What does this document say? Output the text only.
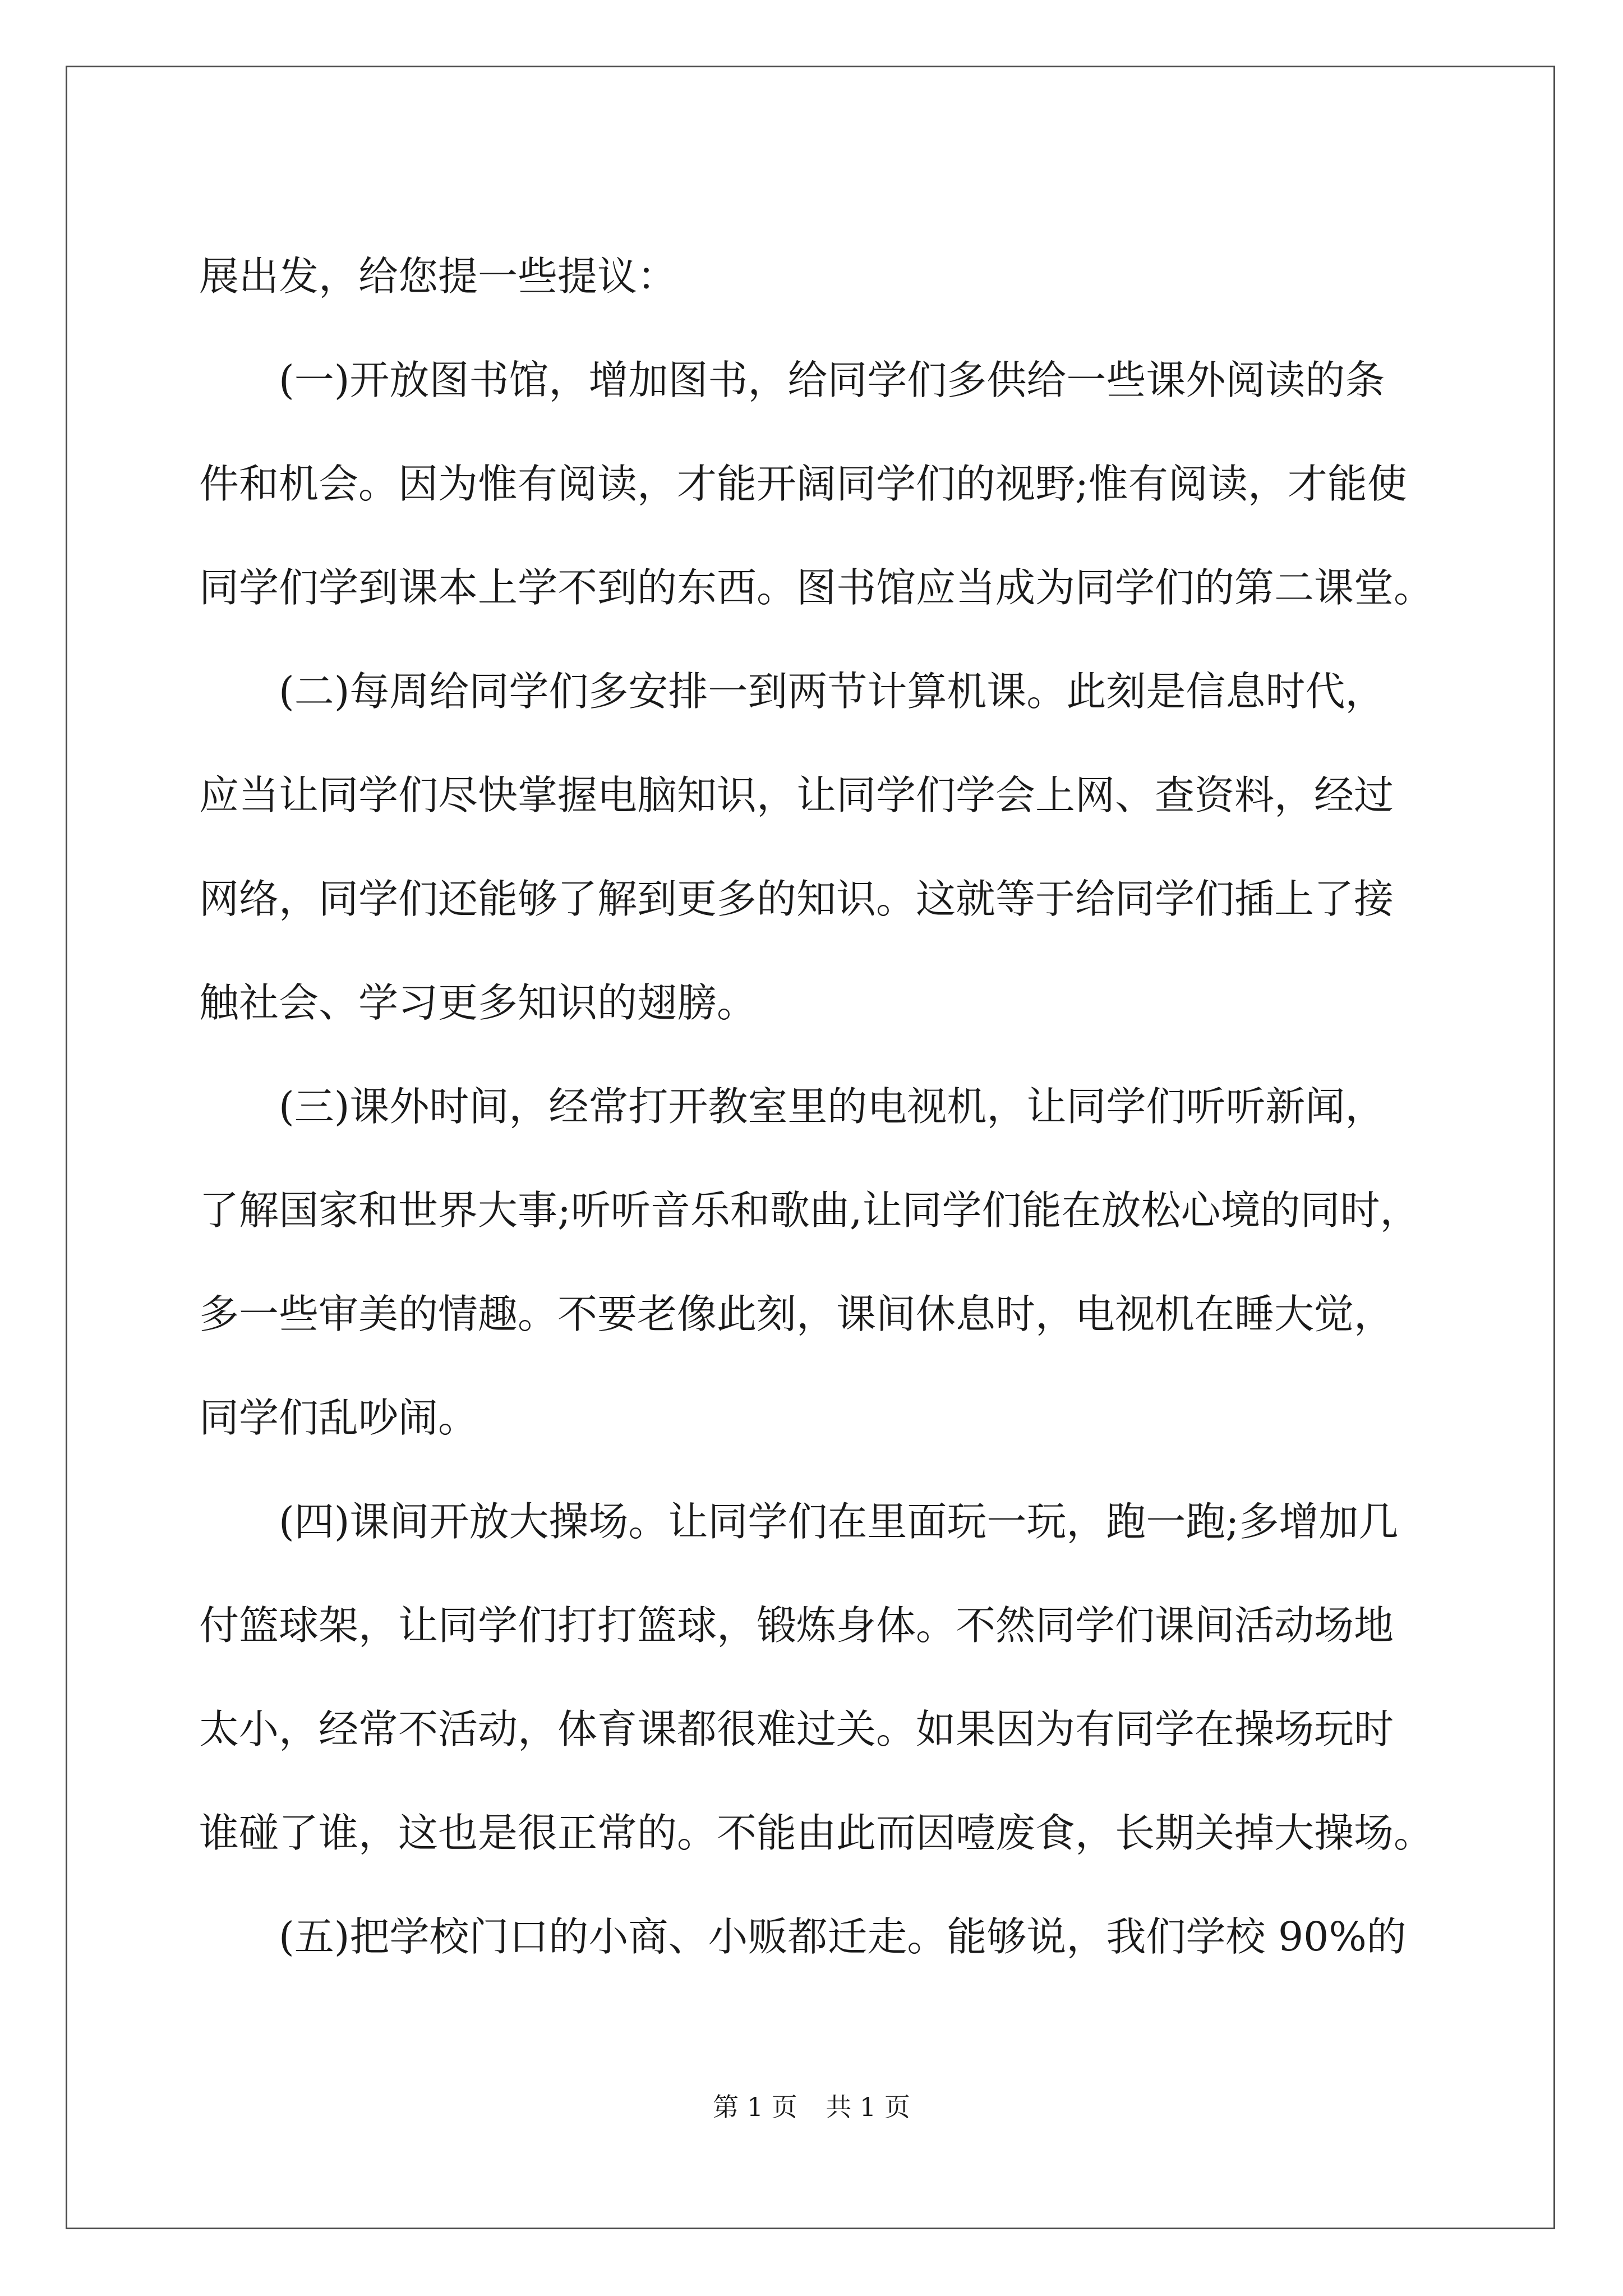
展出发，给您提一些提议：
(一)开放图书馆，增加图书，给同学们多供给一些课外阅读的条
件和机会。因为惟有阅读，才能开阔同学们的视野;惟有阅读，才能使
同学们学到课本上学不到的东西。图书馆应当成为同学们的第二课堂。
(二)每周给同学们多安排一到两节计算机课。此刻是信息时代，
应当让同学们尽快掌握电脑知识，让同学们学会上网、查资料，经过
网络，同学们还能够了解到更多的知识。这就等于给同学们插上了接
触社会、学习更多知识的翅膀。
(三)课外时间，经常打开教室里的电视机，让同学们听听新闻，
了解国家和世界大事;听听音乐和歌曲,让同学们能在放松心境的同时，
多一些审美的情趣。不要老像此刻，课间休息时，电视机在睡大觉，
同学们乱吵闹。
(四)课间开放大操场。让同学们在里面玩一玩，跑一跑;多增加几
付篮球架，让同学们打打篮球，锻炼身体。不然同学们课间活动场地
太小，经常不活动，体育课都很难过关。如果因为有同学在操场玩时
谁碰了谁，这也是很正常的。不能由此而因噎废食，长期关掉大操场。
(五)把学校门口的小商、小贩都迁走。能够说，我们学校 90%的
第 1 页 共 1 页
